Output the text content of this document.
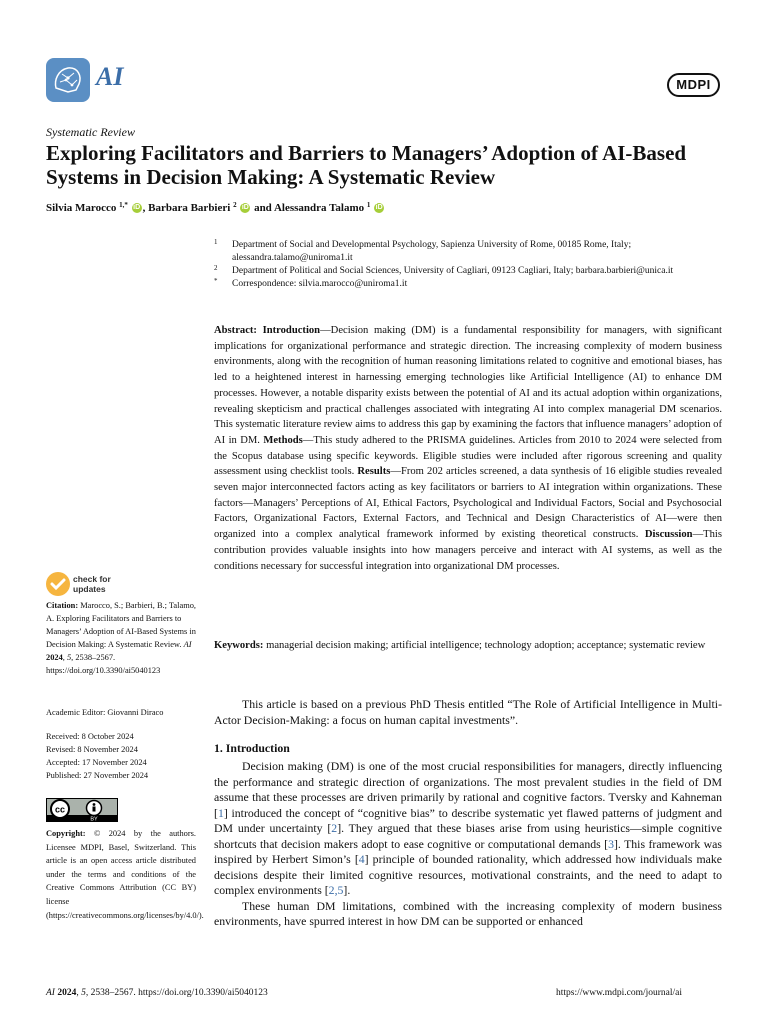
AI	MDPI
Systematic Review
Exploring Facilitators and Barriers to Managers’ Adoption of AI-Based Systems in Decision Making: A Systematic Review
Silvia Marocco $^{1,*}$ iD , Barbara Barbieri $^2$ iD and Alessandra Talamo $^1$ iD
1 Department of Social and Developmental Psychology, Sapienza University of Rome, 00185 Rome, Italy; alessandra.talamo@uniroma1.it
2 Department of Political and Social Sciences, University of Cagliari, 09123 Cagliari, Italy; barbara.barbieri@unica.it
* Correspondence: silvia.marocco@uniroma1.it
Abstract: Introduction—Decision making (DM) is a fundamental responsibility for managers, with significant implications for organizational performance and strategic direction. The increasing complexity of modern business environments, along with the recognition of human reasoning limitations related to cognitive and emotional biases, has led to a heightened interest in harnessing emerging technologies like Artificial Intelligence (AI) to enhance DM processes. However, a notable disparity exists between the potential of AI and its actual adoption within organizations, revealing skepticism and practical challenges associated with integrating AI into complex managerial DM scenarios. This systematic literature review aims to address this gap by examining the factors that influence managers’ adoption of AI in DM. Methods—This study adhered to the PRISMA guidelines. Articles from 2010 to 2024 were selected from the Scopus database using specific keywords. Eligible studies were included after rigorous screening and quality assessment using checklist tools. Results—From 202 articles screened, a data synthesis of 16 eligible studies revealed seven major interconnected factors acting as key facilitators or barriers to AI integration within organizations. These factors—Managers’ Perceptions of AI, Ethical Factors, Psychological and Individual Factors, Social and Psychosocial Factors, Organizational Factors, External Factors, and Technical and Design Characteristics of AI—were then organized into a complex analytical framework informed by existing theoretical constructs. Discussion—This contribution provides valuable insights into how managers perceive and interact with AI systems, as well as the conditions necessary for successful integration into organizational DM processes.
Keywords: managerial decision making; artificial intelligence; technology adoption; acceptance; systematic review
check for
updates
Citation: Marocco, S.; Barbieri, B.; Talamo, A. Exploring Facilitators and Barriers to Managers’ Adoption of AI-Based Systems in Decision Making: A Systematic Review. AI 2024, 5, 2538–2567. https://doi.org/10.3390/ai5040123
Academic Editor: Giovanni Diraco
Received: 8 October 2024
Revised: 8 November 2024
Accepted: 17 November 2024
Published: 27 November 2024
cc
BY
Copyright: © 2024 by the authors. Licensee MDPI, Basel, Switzerland. This article is an open access article distributed under the terms and conditions of the Creative Commons Attribution (CC BY) license (https://creativecommons.org/licenses/by/4.0/).
This article is based on a previous PhD Thesis entitled “The Role of Artificial Intelligence in Multi-Actor Decision-Making: a focus on human capital investments”.
1. Introduction

Decision making (DM) is one of the most crucial responsibilities for managers, directly influencing the performance and strategic direction of organizations. The most prevalent studies in the field of DM assume that these processes are driven primarily by rational and cognitive factors. Tversky and Kahneman [1] introduced the concept of “cognitive bias” to describe systematic yet flawed patterns of judgment and DM under uncertainty [2]. They argued that these biases arise from using heuristics—simple cognitive shortcuts that decision makers adopt to ease cognitive or computational demands [3]. This framework was inspired by Herbert Simon’s [4] principle of bounded rationality, which addressed how individuals make decisions despite their limited cognitive resources, motivational constraints, and the need to adapt to complex environments [2,5].

These human DM limitations, combined with the increasing complexity of modern business environments, have spurred interest in how DM can be supported or enhanced

AI 2024, 5, 2538–2567. https://doi.org/10.3390/ai5040123	https://www.mdpi.com/journal/ai
